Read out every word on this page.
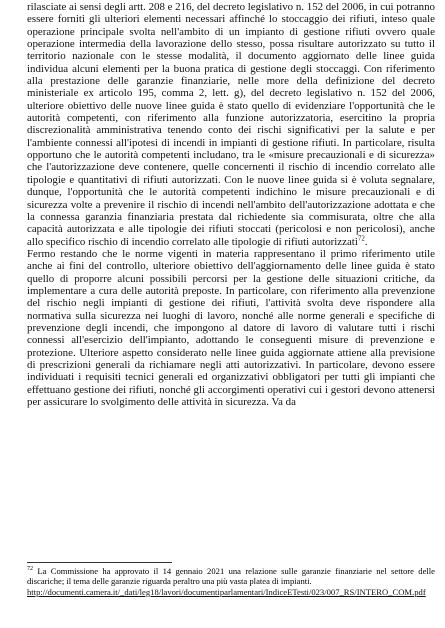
rilasciate ai sensi degli artt. 208 e 216, del decreto legislativo n. 152 del 2006, in cui potranno essere forniti gli ulteriori elementi necessari affinché lo stoccaggio dei rifiuti, inteso quale operazione principale svolta nell'ambito di un impianto di gestione rifiuti ovvero quale operazione intermedia della lavorazione dello stesso, possa risultare autorizzato su tutto il territorio nazionale con le stesse modalità, il documento aggiornato delle linee guida individua alcuni elementi per la buona pratica di gestione degli stoccaggi. Con riferimento alla prestazione delle garanzie finanziarie, nelle more della definizione del decreto ministeriale ex articolo 195, comma 2, lett. g), del decreto legislativo n. 152 del 2006, ulteriore obiettivo delle nuove linee guida è stato quello di evidenziare l'opportunità che le autorità competenti, con riferimento alla funzione autorizzatoria, esercitino la propria discrezionalità amministrativa tenendo conto dei rischi significativi per la salute e per l'ambiente connessi all'ipotesi di incendi in impianti di gestione rifiuti. In particolare, risulta opportuno che le autorità competenti includano, tra le «misure precauzionali e di sicurezza» che l'autorizzazione deve contenere, quelle concernenti il rischio di incendio correlato alle tipologie e quantitativi di rifiuti autorizzati. Con le nuove linee guida si è voluta segnalare, dunque, l'opportunità che le autorità competenti indichino le misure precauzionali e di sicurezza volte a prevenire il rischio di incendi nell'ambito dell'autorizzazione adottata e che la connessa garanzia finanziaria prestata dal richiedente sia commisurata, oltre che alla capacità autorizzata e alle tipologie dei rifiuti stoccati (pericolosi e non pericolosi), anche allo specifico rischio di incendio correlato alle tipologie di rifiuti autorizzati$^{72}$.

Fermo restando che le norme vigenti in materia rappresentano il primo riferimento utile anche ai fini del controllo, ulteriore obiettivo dell'aggiornamento delle linee guida è stato quello di proporre alcuni possibili percorsi per la gestione delle situazioni critiche, da implementare a cura delle autorità preposte. In particolare, con riferimento alla prevenzione del rischio negli impianti di gestione dei rifiuti, l'attività svolta deve rispondere alla normativa sulla sicurezza nei luoghi di lavoro, nonché alle norme generali e specifiche di prevenzione degli incendi, che impongono al datore di lavoro di valutare tutti i rischi connessi all'esercizio dell'impianto, adottando le conseguenti misure di prevenzione e protezione. Ulteriore aspetto considerato nelle linee guida aggiornate attiene alla previsione di prescrizioni generali da richiamare negli atti autorizzativi. In particolare, devono essere individuati i requisiti tecnici generali ed organizzativi obbligatori per tutti gli impianti che effettuano gestione dei rifiuti, nonché gli accorgimenti operativi cui i gestori devono attenersi per assicurare lo svolgimento delle attività in sicurezza. Va da

$^{72}$ La Commissione ha approvato il 14 gennaio 2021 una relazione sulle garanzie finanziarie nel settore delle discariche; il tema delle garanzie riguarda peraltro una più vasta platea di impianti.
http://documenti.camera.it/_dati/leg18/lavori/documentiparlamentari/IndiceETesti/023/007_RS/INTERO_COM.pdf
